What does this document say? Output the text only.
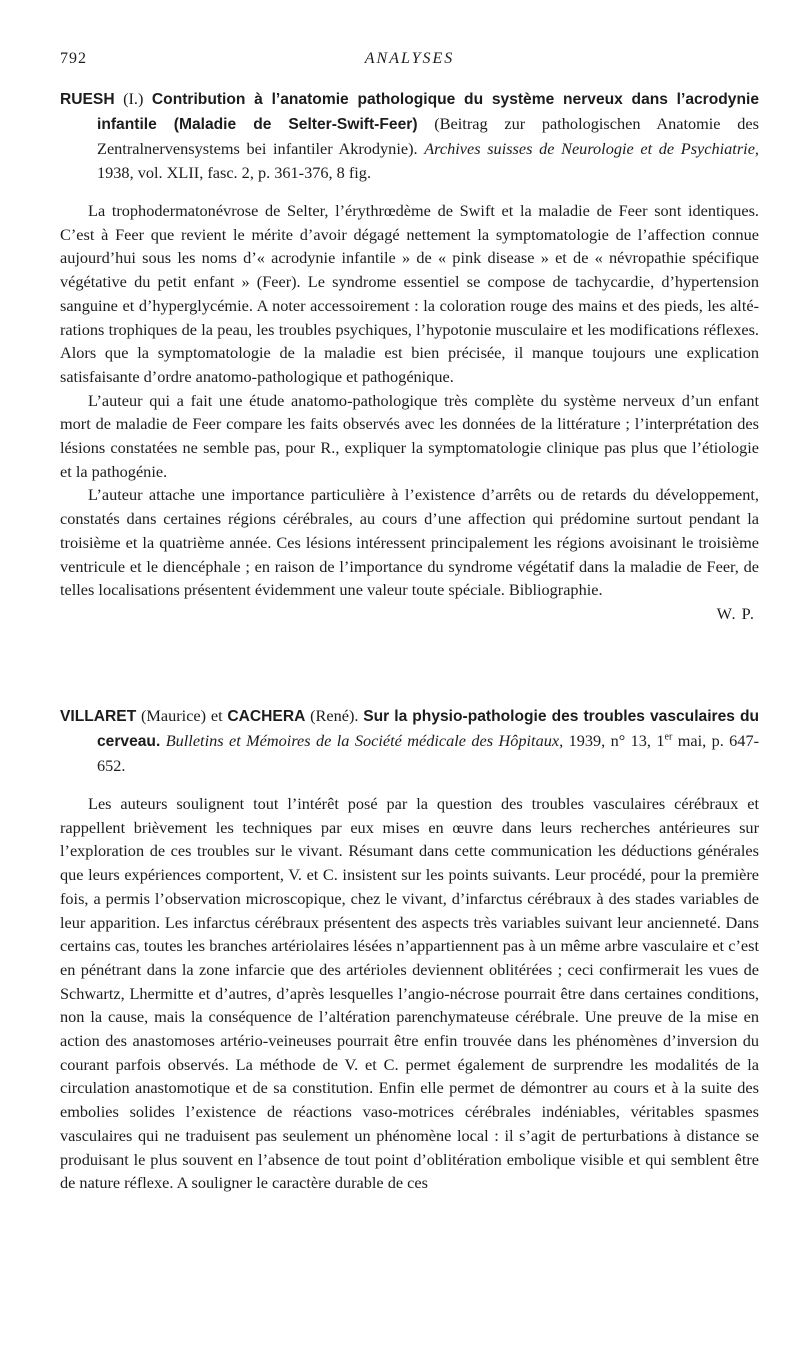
792	ANALYSES

RUESH (I.) Contribution à l’anatomie pathologique du système nerveux dans l’acrodynie infantile (Maladie de Selter-Swift-Feer) (Beitrag zur pathologischen Anatomie des Zentralnervensystems bei infantiler Akrodynie). Archives suisses de Neurologie et de Psychiatrie, 1938, vol. XLII, fasc. 2, p. 361-376, 8 fig.

La trophodermatonévrose de Selter, l’érythrœdème de Swift et la maladie de Feer sont identiques. C’est à Feer que revient le mérite d’avoir dégagé nettement la symptomatologie de l’affection connue aujourd’hui sous les noms d’« acrodynie infantile » de « pink disease » et de « névropathie spécifique végétative du petit enfant » (Feer). Le syndrome essentiel se compose de tachycardie, d’hypertension sanguine et d’hyperglycémie. A noter accessoirement : la coloration rouge des mains et des pieds, les altérations trophiques de la peau, les troubles psychiques, l’hypotonie musculaire et les modifications réflexes. Alors que la symptomatologie de la maladie est bien précisée, il manque toujours une explication satisfaisante d’ordre anatomo-pathologique et pathogénique.

L’auteur qui a fait une étude anatomo-pathologique très complète du système nerveux d’un enfant mort de maladie de Feer compare les faits observés avec les données de la littérature ; l’interprétation des lésions constatées ne semble pas, pour R., expliquer la symptomatologie clinique pas plus que l’étiologie et la pathogénie.

L’auteur attache une importance particulière à l’existence d’arrêts ou de retards du développement, constatés dans certaines régions cérébrales, au cours d’une affection qui prédomine surtout pendant la troisième et la quatrième année. Ces lésions intéressent principalement les régions avoisinant le troisième ventricule et le diencéphale ; en raison de l’importance du syndrome végétatif dans la maladie de Feer, de telles localisations présentent évidemment une valeur toute spéciale. Bibliographie.

W. P.

VILLARET (Maurice) et CACHERA (René). Sur la physio-pathologie des troubles vasculaires du cerveau. Bulletins et Mémoires de la Société médicale des Hôpitaux, 1939, n° 13, 1er mai, p. 647-652.

Les auteurs soulignent tout l’intérêt posé par la question des troubles vasculaires cérébraux et rappellent brièvement les techniques par eux mises en œuvre dans leurs recherches antérieures sur l’exploration de ces troubles sur le vivant. Résumant dans cette communication les déductions générales que leurs expériences comportent, V. et C. insistent sur les points suivants. Leur procédé, pour la première fois, a permis l’observation microscopique, chez le vivant, d’infarctus cérébraux à des stades variables de leur apparition. Les infarctus cérébraux présentent des aspects très variables suivant leur ancienneté. Dans certains cas, toutes les branches artériolaires lésées n’appartiennent pas à un même arbre vasculaire et c’est en pénétrant dans la zone infarcie que des artérioles deviennent oblitérées ; ceci confirmerait les vues de Schwartz, Lhermitte et d’autres, d’après lesquelles l’angio-nécrose pourrait être dans certaines conditions, non la cause, mais la conséquence de l’altération parenchymateuse cérébrale. Une preuve de la mise en action des anastomoses artério-veineuses pourrait être enfin trouvée dans les phénomènes d’inversion du courant parfois observés. La méthode de V. et C. permet également de surprendre les modalités de la circulation anastomotique et de sa constitution. Enfin elle permet de démontrer au cours et à la suite des embolies solides l’existence de réactions vaso-motrices cérébrales indéniables, véritables spasmes vasculaires qui ne traduisent pas seulement un phénomène local : il s’agit de perturbations à distance se produisant le plus souvent en l’absence de tout point d’oblitération embolique visible et qui semblent être de nature réflexe. A souligner le caractère durable de ces
